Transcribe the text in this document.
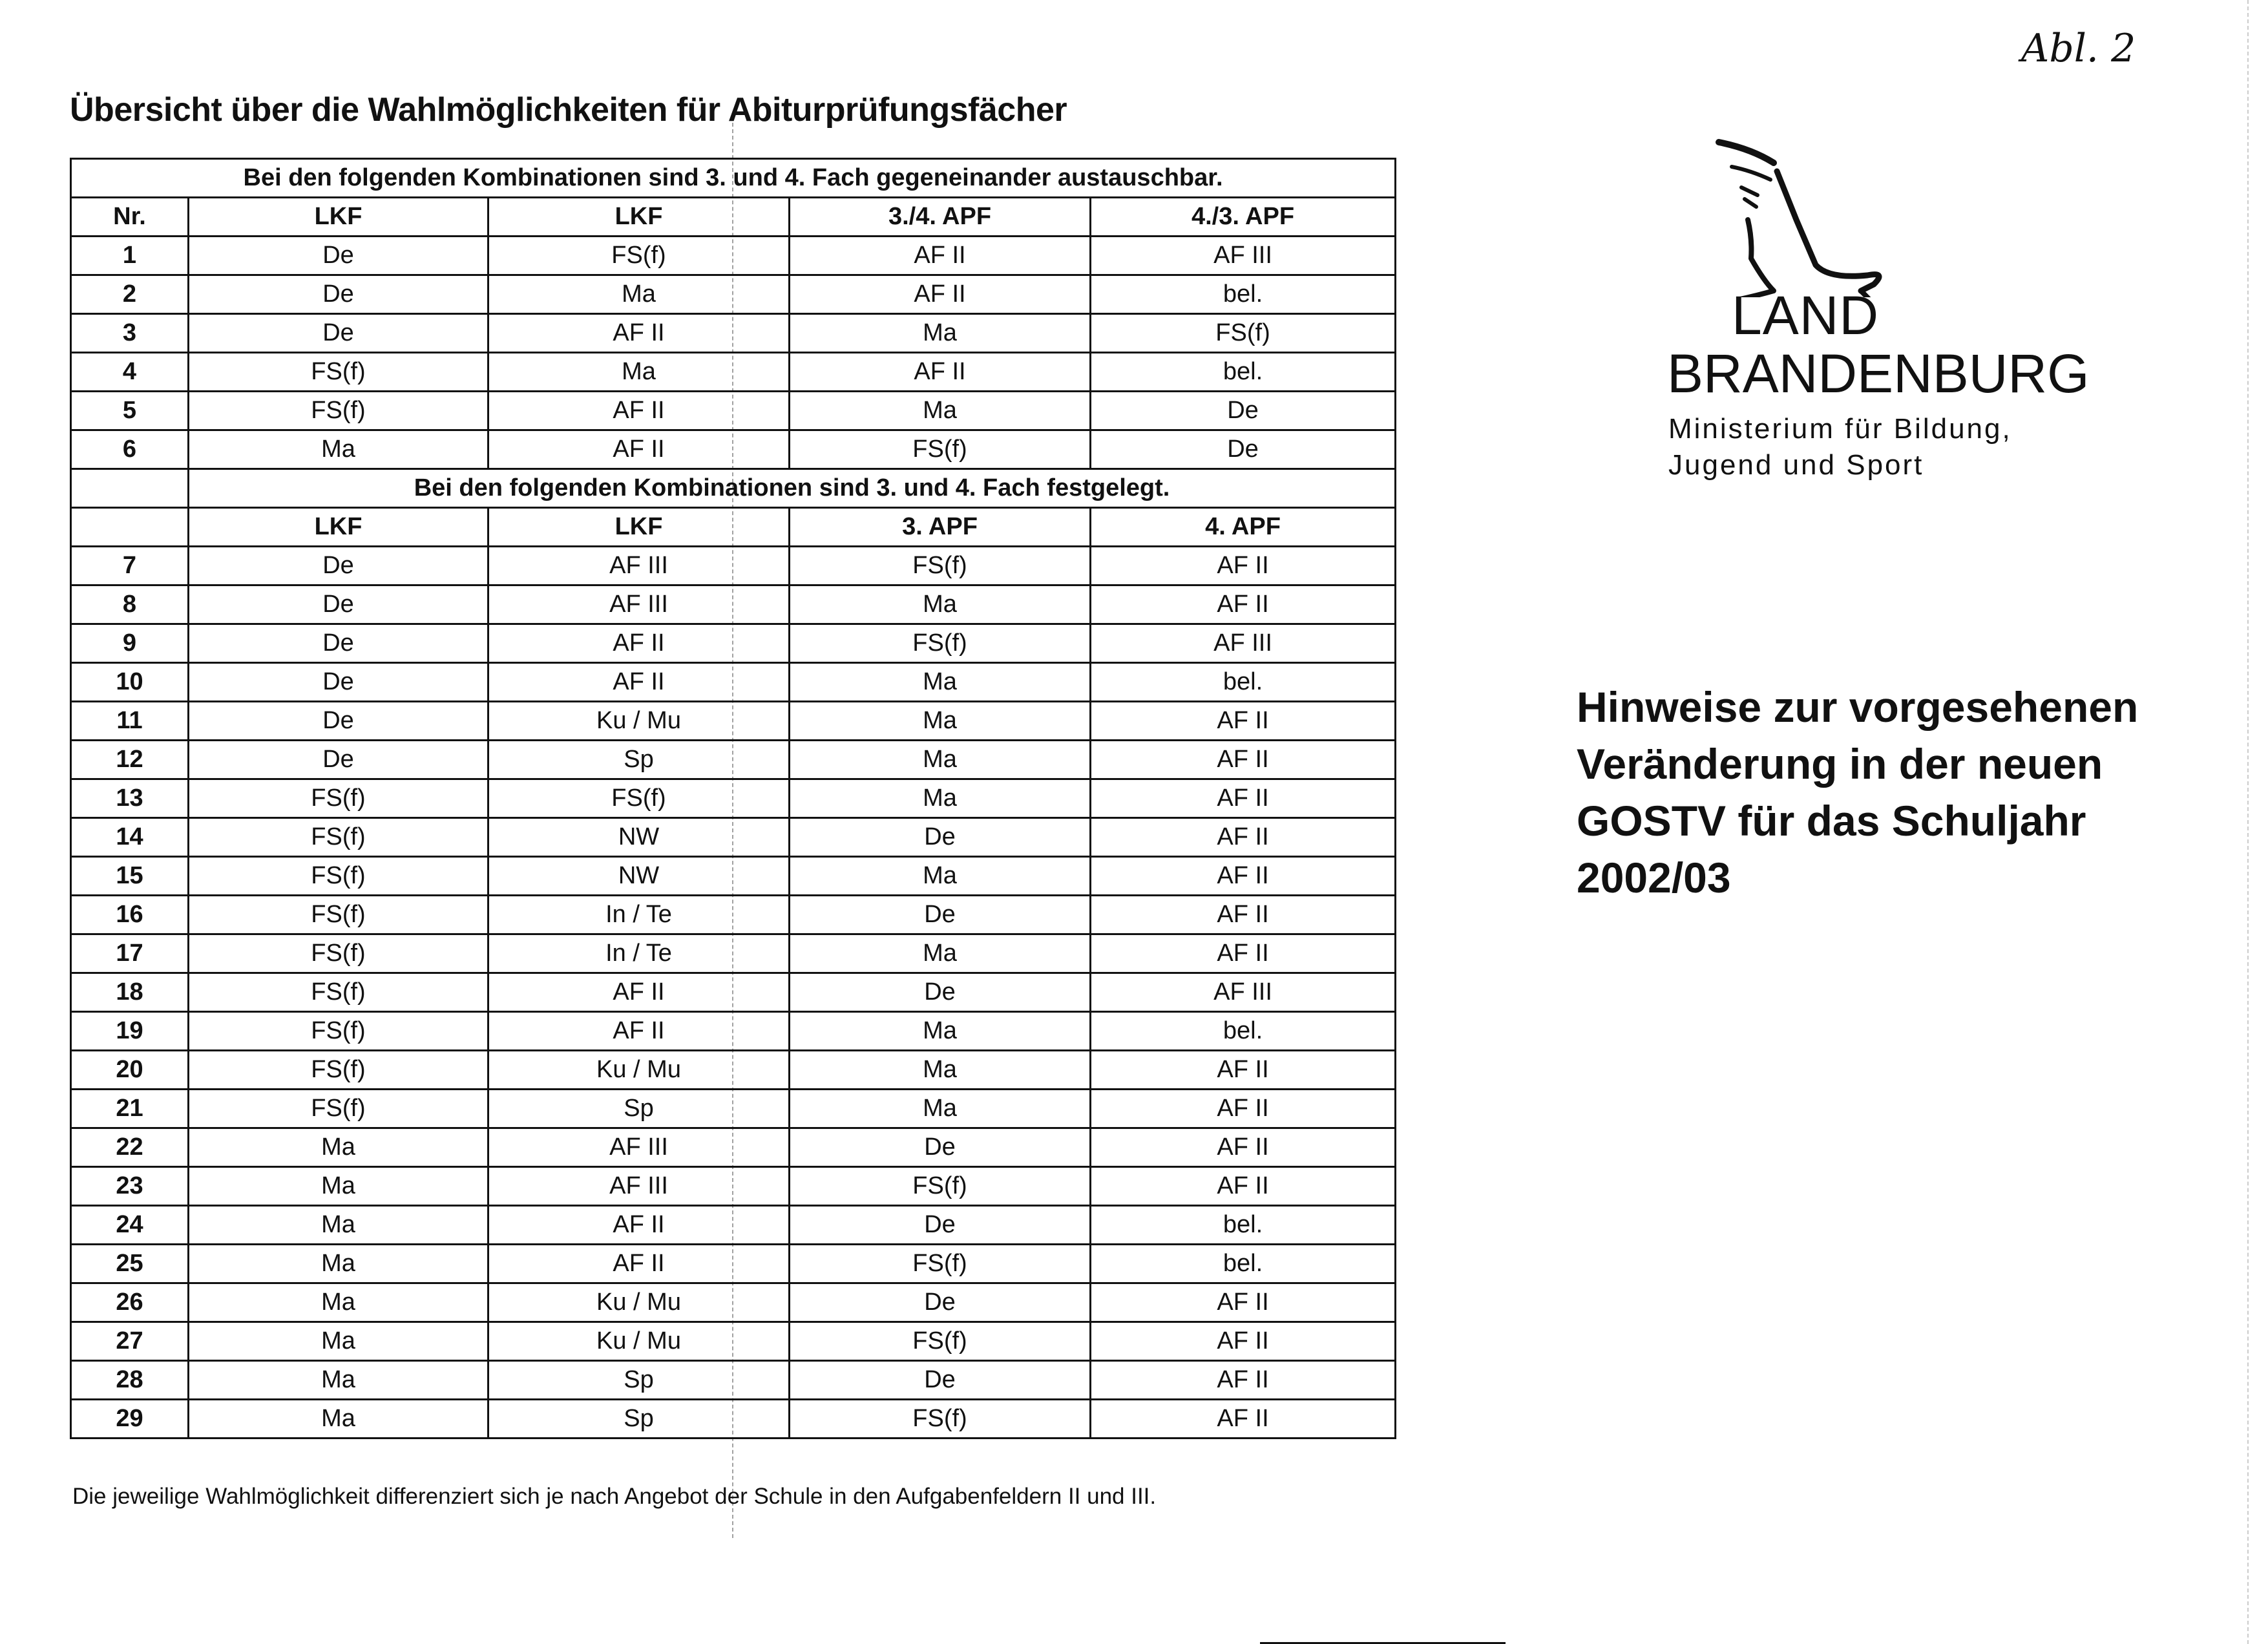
Abl. 2
Übersicht über die Wahlmöglichkeiten für Abiturprüfungsfächer
Bei den folgenden Kombinationen sind 3. und 4. Fach gegeneinander austauschbar.				
Nr.	LKF	LKF	3./4. APF	4./3. APF
1	De	FS(f)	AF II	AF III
2	De	Ma	AF II	bel.
3	De	AF II	Ma	FS(f)
4	FS(f)	Ma	AF II	bel.
5	FS(f)	AF II	Ma	De
6	Ma	AF II	FS(f)	De
	Bei den folgenden Kombinationen sind 3. und 4. Fach festgelegt.			
	LKF	LKF	3. APF	4. APF
7	De	AF III	FS(f)	AF II
8	De	AF III	Ma	AF II
9	De	AF II	FS(f)	AF III
10	De	AF II	Ma	bel.
11	De	Ku / Mu	Ma	AF II
12	De	Sp	Ma	AF II
13	FS(f)	FS(f)	Ma	AF II
14	FS(f)	NW	De	AF II
15	FS(f)	NW	Ma	AF II
16	FS(f)	In / Te	De	AF II
17	FS(f)	In / Te	Ma	AF II
18	FS(f)	AF II	De	AF III
19	FS(f)	AF II	Ma	bel.
20	FS(f)	Ku / Mu	Ma	AF II
21	FS(f)	Sp	Ma	AF II
22	Ma	AF III	De	AF II
23	Ma	AF III	FS(f)	AF II
24	Ma	AF II	De	bel.
25	Ma	AF II	FS(f)	bel.
26	Ma	Ku / Mu	De	AF II
27	Ma	Ku / Mu	FS(f)	AF II
28	Ma	Sp	De	AF II
29	Ma	Sp	FS(f)	AF II
Die jeweilige Wahlmöglichkeit differenziert sich je nach Angebot der Schule in den Aufgabenfeldern II und III.
LAND
BRANDENBURG
Ministerium für Bildung,
Jugend und Sport
Hinweise zur vorgesehenen
Veränderung in der neuen
GOSTV für das Schuljahr
2002/03
